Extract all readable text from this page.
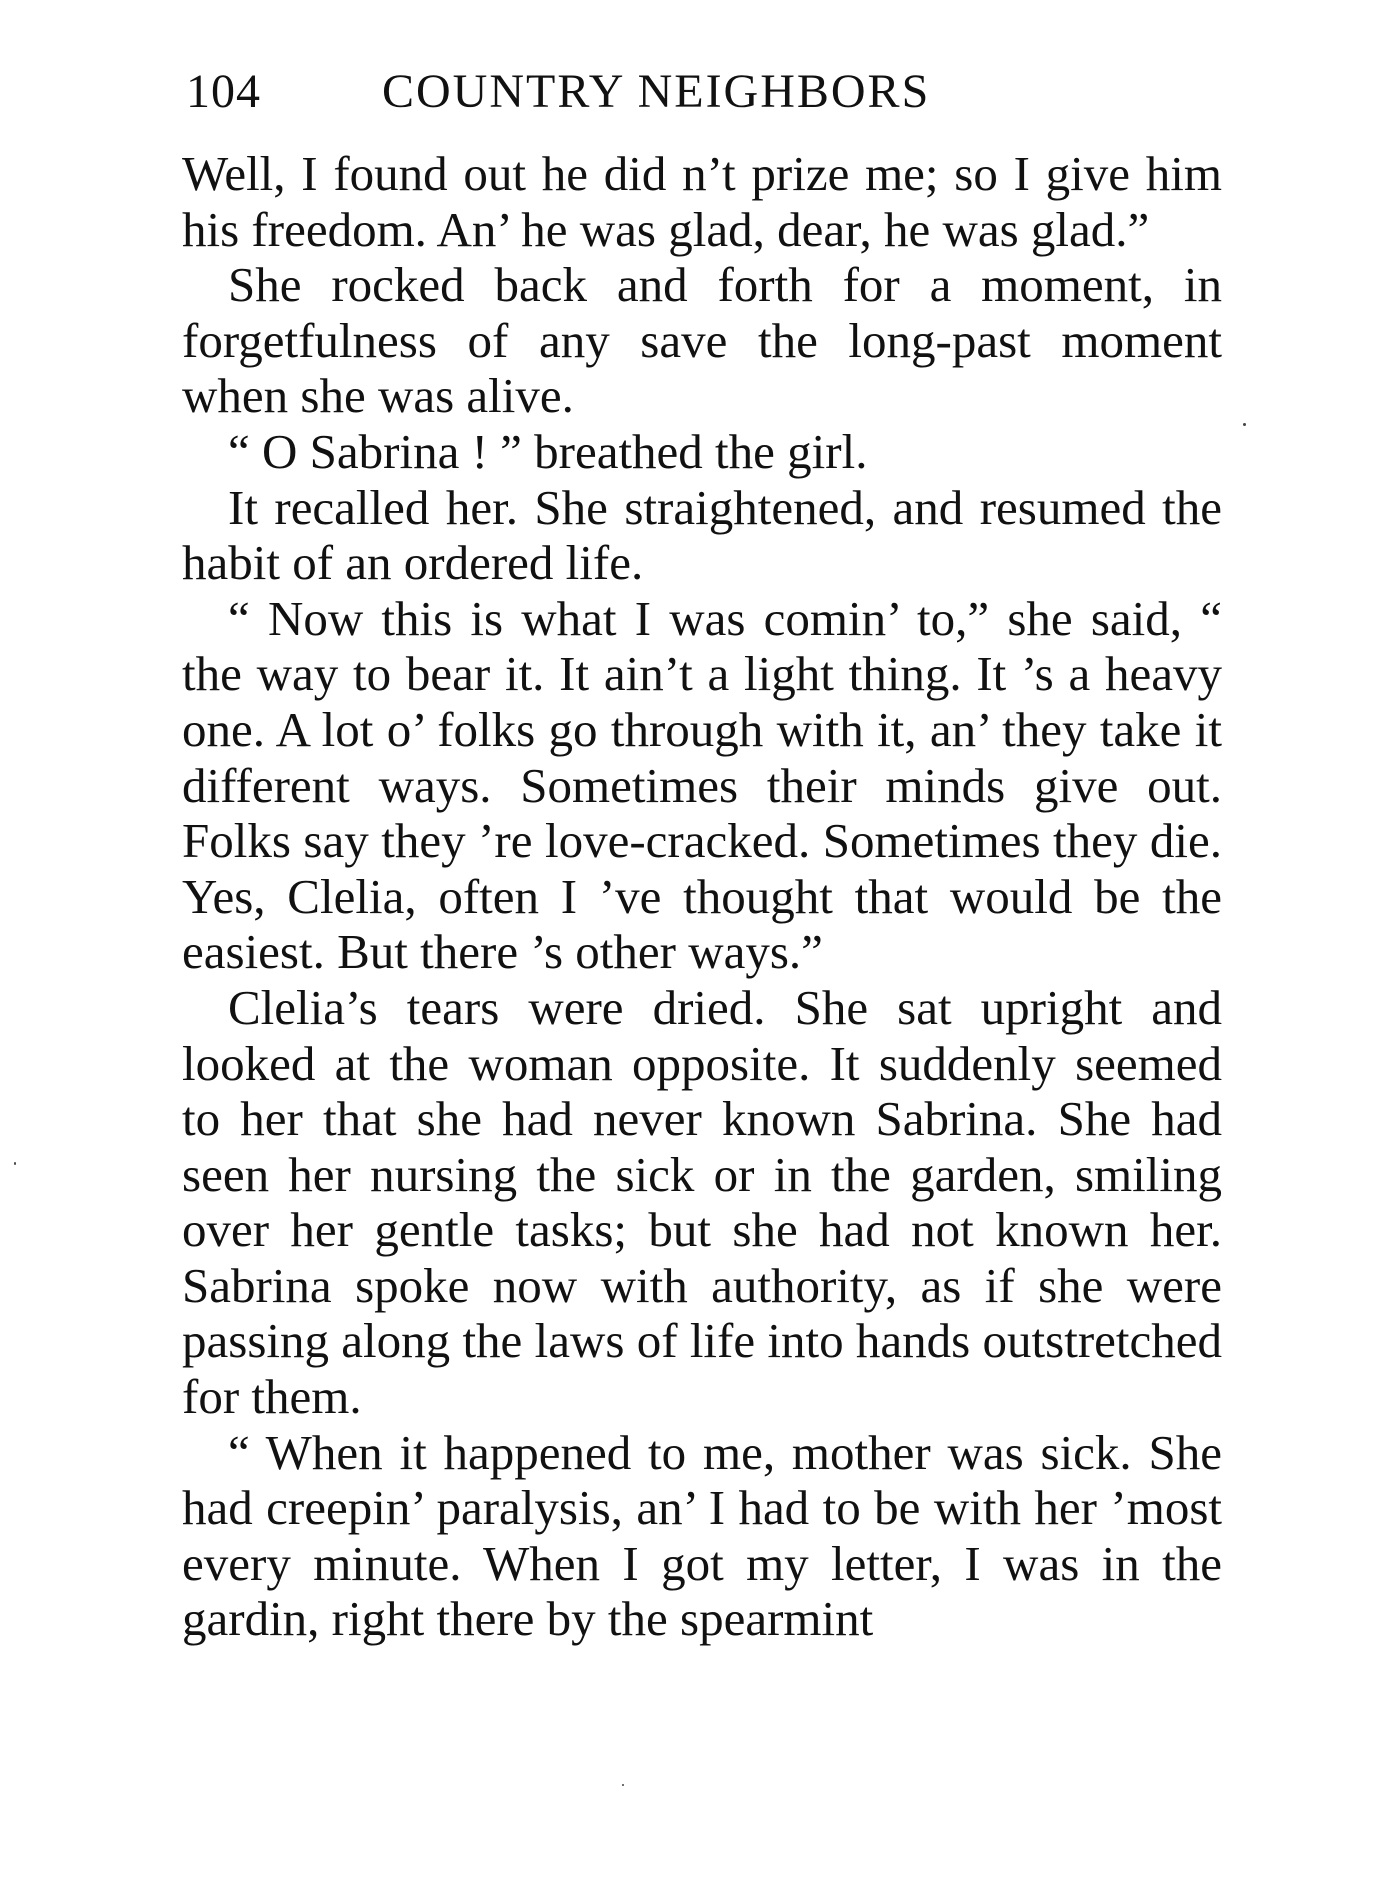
104	COUNTRY NEIGHBORS

Well, I found out he did n’t prize me; so I give him his freedom. An’ he was glad, dear, he was glad.”

She rocked back and forth for a moment, in forgetfulness of any save the long-past moment when she was alive.

“ O Sabrina ! ” breathed the girl.

It recalled her. She straightened, and resumed the habit of an ordered life.

“ Now this is what I was comin’ to,” she said, “ the way to bear it. It ain’t a light thing. It ’s a heavy one. A lot o’ folks go through with it, an’ they take it different ways. Sometimes their minds give out. Folks say they ’re love-cracked. Sometimes they die. Yes, Clelia, often I ’ve thought that would be the easiest. But there ’s other ways.”

Clelia’s tears were dried. She sat upright and looked at the woman opposite. It suddenly seemed to her that she had never known Sabrina. She had seen her nursing the sick or in the garden, smiling over her gentle tasks; but she had not known her. Sabrina spoke now with authority, as if she were passing along the laws of life into hands outstretched for them.

“ When it happened to me, mother was sick. She had creepin’ paralysis, an’ I had to be with her ’most every minute. When I got my letter, I was in the gardin, right there by the spearmint
